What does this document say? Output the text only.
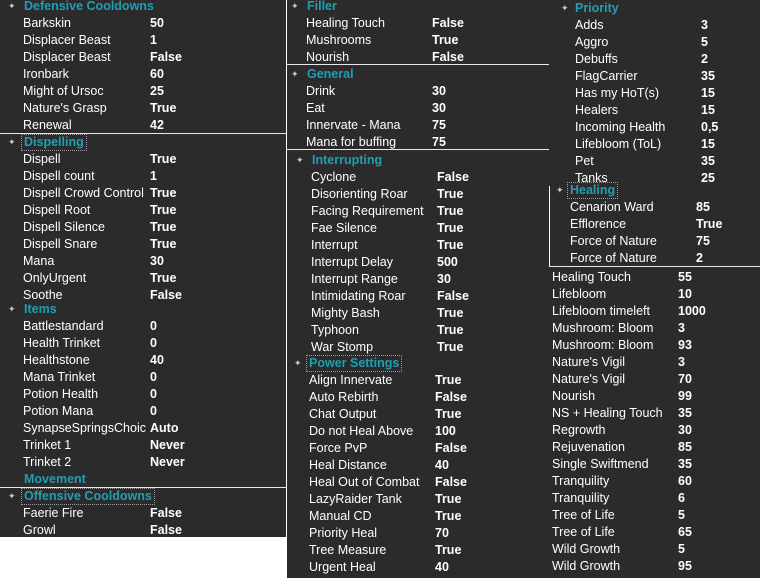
✦ Defensive Cooldowns
Barkskin	50
Displacer Beast	1
Displacer Beast	False
Ironbark	60
Might of Ursoc	25
Nature's Grasp	True
Renewal	42
✦ Dispelling
Dispell	True
Dispell count	1
Dispell Crowd Control True
Dispell Root	True
Dispell Silence	True
Dispell Snare	True
Mana	30
OnlyUrgent	True
Soothe	False
✦ Items
Battlestandard	0
Health Trinket	0
Healthstone	40
Mana Trinket	0
Potion Health	0
Potion Mana	0
SynapseSpringsChoic Auto
Trinket 1	Never
Trinket 2	Never
Movement
✦ Offensive Cooldowns
Faerie Fire	False
Growl	False
✦ Filler
Healing Touch	False
Mushrooms	True
Nourish	False
✦ General
Drink	30
Eat	30
Innervate - Mana	75
Mana for buffing	75
✦ Interrupting
Cyclone	False
Disorienting Roar True
Facing Requirement True
Fae Silence	True
Interrupt	True
Interrupt Delay	500
Interrupt Range	30
Intimidating Roar	False
Mighty Bash	True
Typhoon	True
War Stomp	True
✦ Power Settings
Align Innervate	True
Auto Rebirth	False
Chat Output	True
Do not Heal Above 100
Force PvP	False
Heal Distance	40
Heal Out of Combat False
LazyRaider Tank	True
Manual CD	True
Priority Heal	70
Tree Measure	True
Urgent Heal	40
✦ Priority
Adds	3
Aggro	5
Debuffs	2
FlagCarrier	35
Has my HoT(s)	15
Healers	15
Incoming Health	0,5
Lifebloom (ToL)	15
Pet	35
Tanks	25
✦ Healing
Cenarion Ward	85
Efflorence	True
Force of Nature	75
Force of Nature	2
Healing Touch	55
Lifebloom	10
Lifebloom timeleft 1000
Mushroom: Bloom 3
Mushroom: Bloom 93
Nature's Vigil	3
Nature's Vigil	70
Nourish	99
NS + Healing Touch 35
Regrowth	30
Rejuvenation	85
Single Swiftmend 35
Tranquility	60
Tranquility	6
Tree of Life	5
Tree of Life	65
Wild Growth	5
Wild Growth	95
